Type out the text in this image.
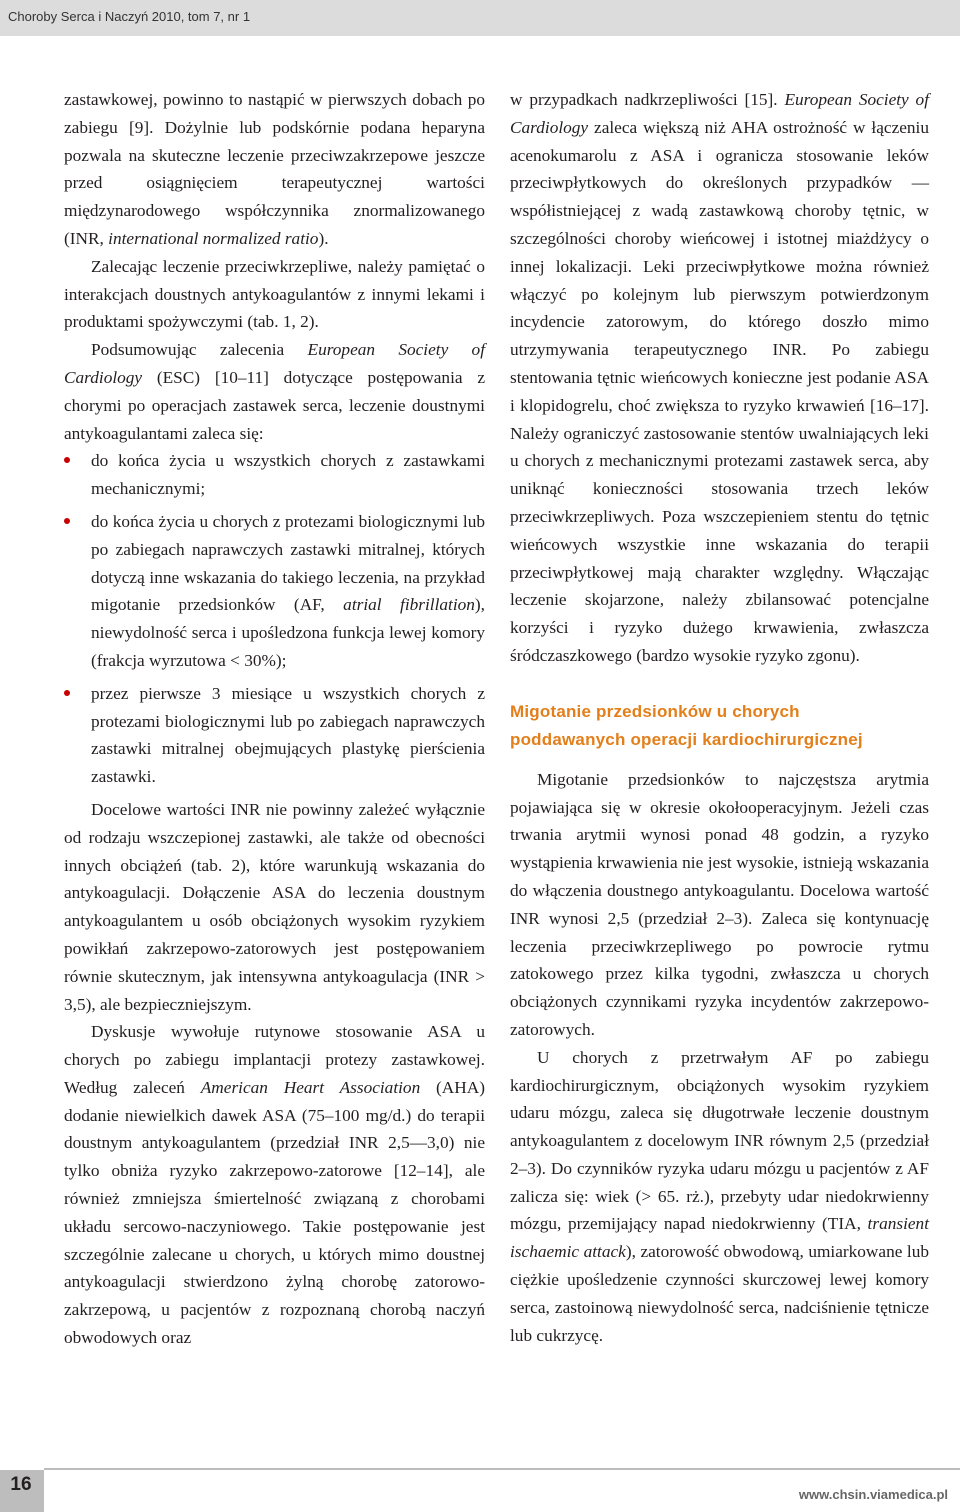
Choroby Serca i Naczyń 2010, tom 7, nr 1

zastawkowej, powinno to nastąpić w pierwszych dobach po zabiegu [9]. Dożylnie lub podskórnie podana heparyna pozwala na skuteczne leczenie przeciwzakrzepowe jeszcze przed osiągnięciem terapeutycznej wartości międzynarodowego współczynnika znormalizowanego (INR, international normalized ratio).

Zalecając leczenie przeciwkrzepliwe, należy pamiętać o interakcjach doustnych antykoagulantów z innymi lekami i produktami spożywczymi (tab. 1, 2).

Podsumowując zalecenia European Society of Cardiology (ESC) [10–11] dotyczące postępowania z chorymi po operacjach zastawek serca, leczenie doustnymi antykoagulantami zaleca się:

do końca życia u wszystkich chorych z zastawkami mechanicznymi;
do końca życia u chorych z protezami biologicznymi lub po zabiegach naprawczych zastawki mitralnej, których dotyczą inne wskazania do takiego leczenia, na przykład migotanie przedsionków (AF, atrial fibrillation), niewydolność serca i upośledzona funkcja lewej komory (frakcja wyrzutowa < 30%);
przez pierwsze 3 miesiące u wszystkich chorych z protezami biologicznymi lub po zabiegach naprawczych zastawki mitralnej obejmujących plastykę pierścienia zastawki.

Docelowe wartości INR nie powinny zależeć wyłącznie od rodzaju wszczepionej zastawki, ale także od obecności innych obciążeń (tab. 2), które warunkują wskazania do antykoagulacji. Dołączenie ASA do leczenia doustnym antykoagulantem u osób obciążonych wysokim ryzykiem powikłań zakrzepowo-zatorowych jest postępowaniem równie skutecznym, jak intensywna antykoagulacja (INR > 3,5), ale bezpieczniejszym.

Dyskusje wywołuje rutynowe stosowanie ASA u chorych po zabiegu implantacji protezy zastawkowej. Według zaleceń American Heart Association (AHA) dodanie niewielkich dawek ASA (75–100 mg/d.) do terapii doustnym antykoagulantem (przedział INR 2,5––3,0) nie tylko obniża ryzyko zakrzepowo-zatorowe [12–14], ale również zmniejsza śmiertelność związaną z chorobami układu sercowo-naczyniowego. Takie postępowanie jest szczególnie zalecane u chorych, u których mimo doustnej antykoagulacji stwierdzono żylną chorobę zatorowo-zakrzepową, u pacjentów z rozpoznaną chorobą naczyń obwodowych oraz

w przypadkach nadkrzepliwości [15]. European Society of Cardiology zaleca większą niż AHA ostrożność w łączeniu acenokumarolu z ASA i ogranicza stosowanie leków przeciwpłytkowych do określonych przypadków — współistniejącej z wadą zastawkową choroby tętnic, w szczególności choroby wieńcowej i istotnej miażdżycy o innej lokalizacji. Leki przeciwpłytkowe można również włączyć po kolejnym lub pierwszym potwierdzonym incydencie zatorowym, do którego doszło mimo utrzymywania terapeutycznego INR. Po zabiegu stentowania tętnic wieńcowych konieczne jest podanie ASA i klopidogrelu, choć zwiększa to ryzyko krwawień [16–17]. Należy ograniczyć zastosowanie stentów uwalniających leki u chorych z mechanicznymi protezami zastawek serca, aby uniknąć konieczności stosowania trzech leków przeciwkrzepliwych. Poza wszczepieniem stentu do tętnic wieńcowych wszystkie inne wskazania do terapii przeciwpłytkowej mają charakter względny. Włączając leczenie skojarzone, należy zbilansować potencjalne korzyści i ryzyko dużego krwawienia, zwłaszcza śródczaszkowego (bardzo wysokie ryzyko zgonu).

Migotanie przedsionków u chorych
poddawanych operacji kardiochirurgicznej

Migotanie przedsionków to najczęstsza arytmia pojawiająca się w okresie okołooperacyjnym. Jeżeli czas trwania arytmii wynosi ponad 48 godzin, a ryzyko wystąpienia krwawienia nie jest wysokie, istnieją wskazania do włączenia doustnego antykoagulantu. Docelowa wartość INR wynosi 2,5 (przedział 2–3). Zaleca się kontynuację leczenia przeciwkrzepliwego po powrocie rytmu zatokowego przez kilka tygodni, zwłaszcza u chorych obciążonych czynnikami ryzyka incydentów zakrzepowo-zatorowych.

U chorych z przetrwałym AF po zabiegu kardiochirurgicznym, obciążonych wysokim ryzykiem udaru mózgu, zaleca się długotrwałe leczenie doustnym antykoagulantem z docelowym INR równym 2,5 (przedział 2–3). Do czynników ryzyka udaru mózgu u pacjentów z AF zalicza się: wiek (> 65. rż.), przebyty udar niedokrwienny mózgu, przemijający napad niedokrwienny (TIA, transient ischaemic attack), zatorowość obwodową, umiarkowane lub ciężkie upośledzenie czynności skurczowej lewej komory serca, zastoinową niewydolność serca, nadciśnienie tętnicze lub cukrzycę.

16	www.chsin.viamedica.pl
